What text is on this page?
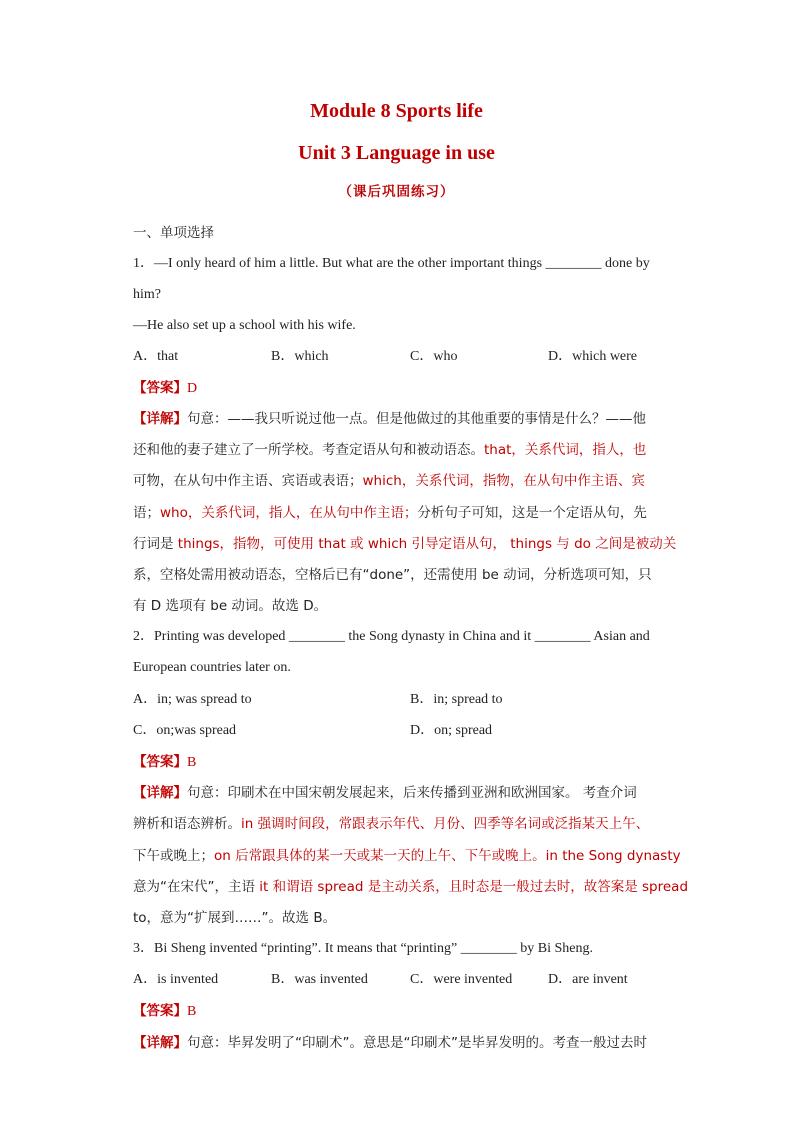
Module 8 Sports life
Unit 3 Language in use
（课后巩固练习）
一、单项选择
1．—I only heard of him a little. But what are the other important things ________ done by
him?
—He also set up a school with his wife.
A．that	B．which	C．who	D．which were
【答案】D
【详解】句意：——我只听说过他一点。但是他做过的其他重要的事情是什么？——他
还和他的妻子建立了一所学校。考查定语从句和被动语态。that，关系代词，指人，也
可物，在从句中作主语、宾语或表语；which，关系代词，指物，在从句中作主语、宾
语；who，关系代词，指人，在从句中作主语；分析句子可知，这是一个定语从句，先
行词是 things，指物，可使用 that 或 which 引导定语从句， things 与 do 之间是被动关
系，空格处需用被动语态，空格后已有“done”，还需使用 be 动词，分析选项可知，只
有 D 选项有 be 动词。故选 D。
2．Printing was developed ________ the Song dynasty in China and it ________ Asian and
European countries later on.
A．in; was spread to	B．in; spread to
C．on;was spread	D．on; spread
【答案】B
【详解】句意：印刷术在中国宋朝发展起来，后来传播到亚洲和欧洲国家。 考查介词
辨析和语态辨析。in 强调时间段，常跟表示年代、月份、四季等名词或泛指某天上午、
下午或晚上；on 后常跟具体的某一天或某一天的上午、下午或晚上。in the Song dynasty
意为“在宋代”，主语 it 和谓语 spread 是主动关系，且时态是一般过去时，故答案是 spread
to，意为“扩展到……”。故选 B。
3．Bi Sheng invented “printing”. It means that “printing” ________ by Bi Sheng.
A．is invented	B．was invented	C．were invented	D．are invent
【答案】B
【详解】句意：毕昇发明了“印刷术”。意思是“印刷术”是毕昇发明的。考查一般过去时
